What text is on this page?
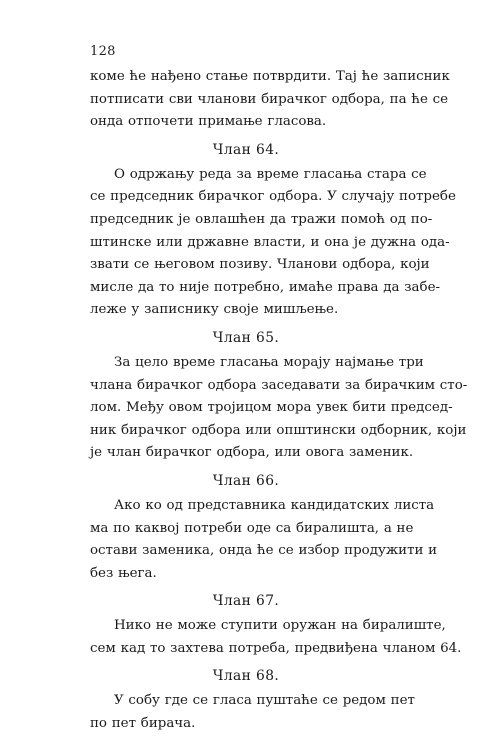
128

коме ће нађено стање потврдити. Тај ће записник
потписати сви чланови бирачког одбора, па ће се
онда отпочети примање гласова.

Члан 64.

О одржању реда за време гласања стара се
се председник бирачког одбора. У случају потребе
председник је овлашћен да тражи помоћ од по-
штинске или државне власти, и она је дужна ода-
звати се његовом позиву. Чланови одбора, који
мисле да то није потребно, имаће права да забе-
леже у записнику своје мишљење.

Члан 65.

За цело време гласања морају најмање три
члана бирачког одбора заседавати за бирачким сто-
лом. Међу овом тројицом мора увек бити председ-
ник бирачког одбора или општински одборник, који
је члан бирачког одбора, или овога заменик.

Члан 66.

Ако ко од представника кандидатских листа
ма по каквој потреби оде са биралишта, а не
остави заменика, онда ће се избор продужити и
без њега.

Члан 67.

Нико не може ступити оружан на биралиште,
сем кад то захтева потреба, предвиђена чланом 64.

Члан 68.

У собу где се гласа пуштаће се редом пет
по пет бирача.
